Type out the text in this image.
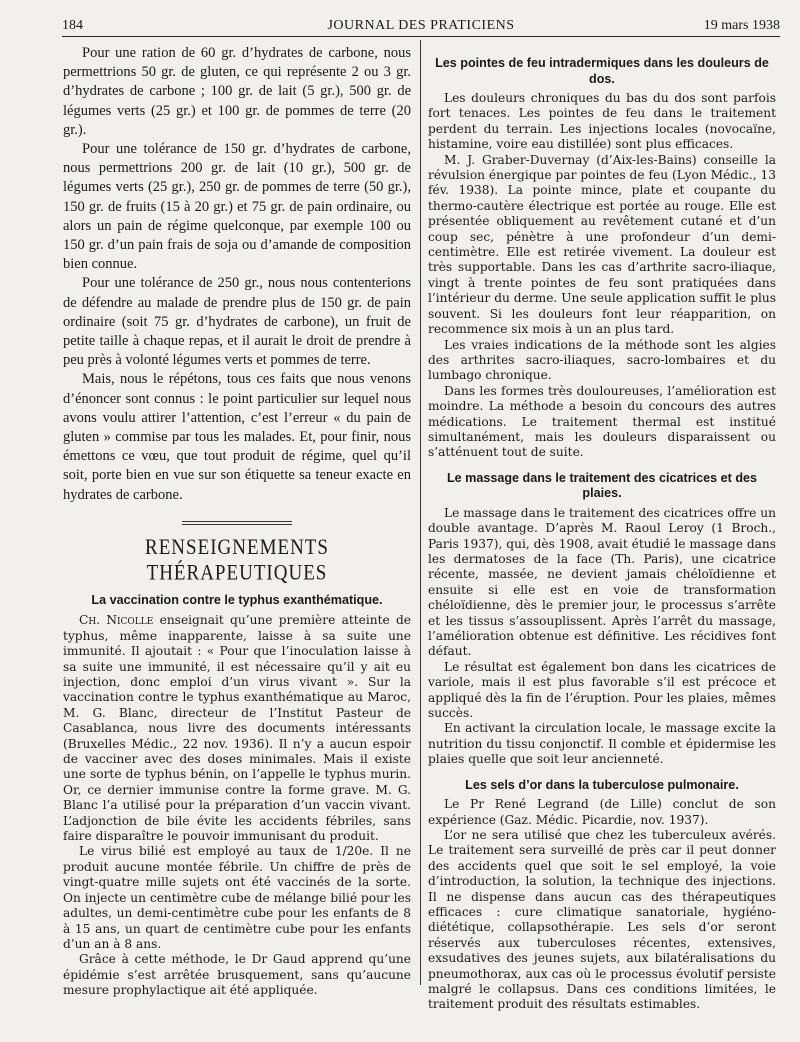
184	JOURNAL DES PRATICIENS	19 mars 1938

Pour une ration de 60 gr. d’hydrates de carbone, nous permettrions 50 gr. de gluten, ce qui représente 2 ou 3 gr. d’hydrates de carbone ; 100 gr. de lait (5 gr.), 500 gr. de légumes verts (25 gr.) et 100 gr. de pommes de terre (20 gr.).

Pour une tolérance de 150 gr. d’hydrates de carbone, nous permettrions 200 gr. de lait (10 gr.), 500 gr. de légumes verts (25 gr.), 250 gr. de pommes de terre (50 gr.), 150 gr. de fruits (15 à 20 gr.) et 75 gr. de pain ordinaire, ou alors un pain de régime quelconque, par exemple 100 ou 150 gr. d’un pain frais de soja ou d’amande de composition bien connue.

Pour une tolérance de 250 gr., nous nous contenterions de défendre au malade de prendre plus de 150 gr. de pain ordinaire (soit 75 gr. d’hydrates de carbone), un fruit de petite taille à chaque repas, et il aurait le droit de prendre à peu près à volonté légumes verts et pommes de terre.

Mais, nous le répétons, tous ces faits que nous venons d’énoncer sont connus : le point particulier sur lequel nous avons voulu attirer l’attention, c’est l’erreur « du pain de gluten » commise par tous les malades. Et, pour finir, nous émettons ce vœu, que tout produit de régime, quel qu’il soit, porte bien en vue sur son étiquette sa teneur exacte en hydrates de carbone.

RENSEIGNEMENTS THÉRAPEUTIQUES
La vaccination contre le typhus exanthématique.

Ch. Nicolle enseignait qu’une première atteinte de typhus, même inapparente, laisse à sa suite une immunité. Il ajoutait : « Pour que l’inoculation laisse à sa suite une immunité, il est nécessaire qu’il y ait eu injection, donc emploi d’un virus vivant ». Sur la vaccination contre le typhus exanthématique au Maroc, M. G. Blanc, directeur de l’Institut Pasteur de Casablanca, nous livre des documents intéressants (Bruxelles Médic., 22 nov. 1936). Il n’y a aucun espoir de vacciner avec des doses minimales. Mais il existe une sorte de typhus bénin, on l’appelle le typhus murin. Or, ce dernier immunise contre la forme grave. M. G. Blanc l’a utilisé pour la préparation d’un vaccin vivant. L’adjonction de bile évite les accidents fébriles, sans faire disparaître le pouvoir immunisant du produit.

Le virus bilié est employé au taux de 1/20e. Il ne produit aucune montée fébrile. Un chiffre de près de vingt-quatre mille sujets ont été vaccinés de la sorte. On injecte un centimètre cube de mélange bilié pour les adultes, un demi-centimètre cube pour les enfants de 8 à 15 ans, un quart de centimètre cube pour les enfants d’un an à 8 ans.

Grâce à cette méthode, le Dr Gaud apprend qu’une épidémie s’est arrêtée brusquement, sans qu’aucune mesure prophylactique ait été appliquée.

Les pointes de feu intradermiques dans les douleurs de dos.

Les douleurs chroniques du bas du dos sont parfois fort tenaces. Les pointes de feu dans le traitement perdent du terrain. Les injections locales (novocaïne, histamine, voire eau distillée) sont plus efficaces.

M. J. Graber-Duvernay (d’Aix-les-Bains) conseille la révulsion énergique par pointes de feu (Lyon Médic., 13 fév. 1938). La pointe mince, plate et coupante du thermo-cautère électrique est portée au rouge. Elle est présentée obliquement au revêtement cutané et d’un coup sec, pénètre à une profondeur d’un demi-centimètre. Elle est retirée vivement. La douleur est très supportable. Dans les cas d’arthrite sacro-iliaque, vingt à trente pointes de feu sont pratiquées dans l’intérieur du derme. Une seule application suffit le plus souvent. Si les douleurs font leur réapparition, on recommence six mois à un an plus tard.

Les vraies indications de la méthode sont les algies des arthrites sacro-iliaques, sacro-lombaires et du lumbago chronique.

Dans les formes très douloureuses, l’amélioration est moindre. La méthode a besoin du concours des autres médications. Le traitement thermal est institué simultanément, mais les douleurs disparaissent ou s’atténuent tout de suite.

Le massage dans le traitement des cicatrices et des plaies.

Le massage dans le traitement des cicatrices offre un double avantage. D’après M. Raoul Leroy (1 Broch., Paris 1937), qui, dès 1908, avait étudié le massage dans les dermatoses de la face (Th. Paris), une cicatrice récente, massée, ne devient jamais chéloïdienne et ensuite si elle est en voie de transformation chéloïdienne, dès le premier jour, le processus s’arrête et les tissus s’assouplissent. Après l’arrêt du massage, l’amélioration obtenue est définitive. Les récidives font défaut.

Le résultat est également bon dans les cicatrices de variole, mais il est plus favorable s’il est précoce et appliqué dès la fin de l’éruption. Pour les plaies, mêmes succès.

En activant la circulation locale, le massage excite la nutrition du tissu conjonctif. Il comble et épidermise les plaies quelle que soit leur ancienneté.

Les sels d’or dans la tuberculose pulmonaire.

Le Pr René Legrand (de Lille) conclut de son expérience (Gaz. Médic. Picardie, nov. 1937).

L’or ne sera utilisé que chez les tuberculeux avérés. Le traitement sera surveillé de près car il peut donner des accidents quel que soit le sel employé, la voie d’introduction, la solution, la technique des injections. Il ne dispense dans aucun cas des thérapeutiques efficaces : cure climatique sanatoriale, hygiéno-diététique, collapsothérapie. Les sels d’or seront réservés aux tuberculoses récentes, extensives, exsudatives des jeunes sujets, aux bilatéralisations du pneumothorax, aux cas où le processus évolutif persiste malgré le collapsus. Dans ces conditions limitées, le traitement produit des résultats estimables.
